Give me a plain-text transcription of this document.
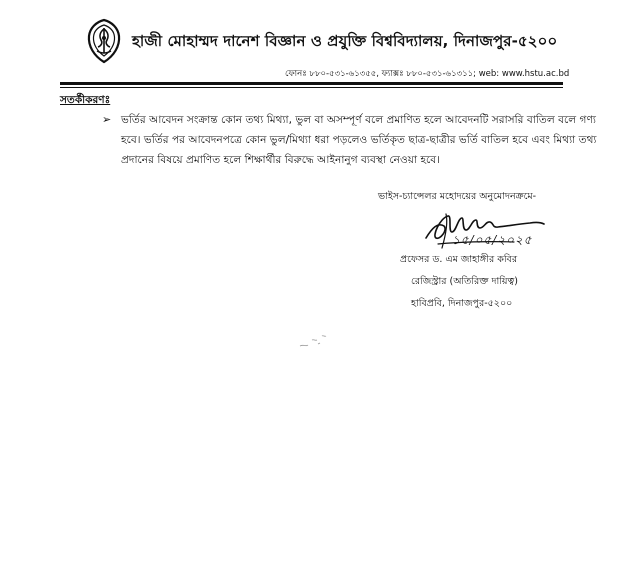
হাজী মোহাম্মদ দানেশ বিজ্ঞান ও প্রযুক্তি বিশ্ববিদ্যালয়, দিনাজপুর-৫২০০
ফোনঃ ৮৮০-৫৩১-৬১৩৫৫, ফ্যাক্সঃ ৮৮০-৫৩১-৬১৩১১; web: www.hstu.ac.bd
সতর্কীকরণঃ
➢ ভর্তির আবেদন সংক্রান্ত কোন তথ্য মিথ্যা, ভুল বা অসম্পূর্ণ বলে প্রমাণিত হলে আবেদনটি সরাসরি বাতিল বলে গণ্য
হবে। ভর্তির পর আবেদনপত্রে কোন ভুল/মিথ্যা ধরা পড়লেও ভর্তিকৃত ছাত্র-ছাত্রীর ভর্তি বাতিল হবে এবং মিথ্যা তথ্য
প্রদানের বিষয়ে প্রমাণিত হলে শিক্ষার্থীর বিরুদ্ধে আইনানুগ ব্যবস্থা নেওয়া হবে।
ভাইস-চ্যান্সেলর মহোদয়ের অনুমোদনক্রমে-
১৫/০৫/২০২৫
প্রফেসর ড. এম জাহাঙ্গীর কবির
রেজিস্ট্রার (অতিরিক্ত দায়িত্ব)
হাবিপ্রবি, দিনাজপুর-৫২০০
